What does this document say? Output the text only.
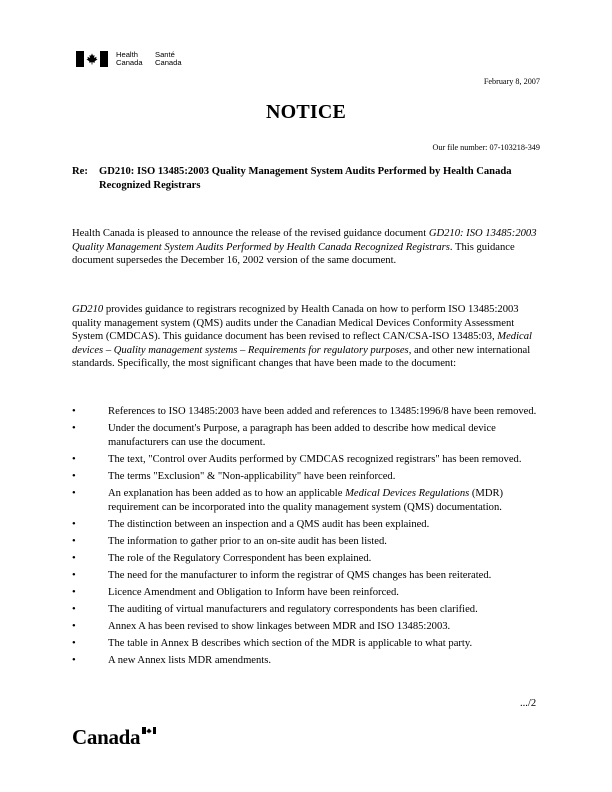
Health
Canada
Santé
Canada
February 8, 2007
NOTICE
Our file number: 07-103218-349
Re:	GD210: ISO 13485:2003 Quality Management System Audits Performed by Health Canada Recognized Registrars

Health Canada is pleased to announce the release of the revised guidance document GD210: ISO 13485:2003 Quality Management System Audits Performed by Health Canada Recognized Registrars. This guidance document supersedes the December 16, 2002 version of the same document.

GD210 provides guidance to registrars recognized by Health Canada on how to perform ISO 13485:2003 quality management system (QMS) audits under the Canadian Medical Devices Conformity Assessment System (CMDCAS). This guidance document has been revised to reflect CAN/CSA-ISO 13485:03, Medical devices – Quality management systems – Requirements for regulatory purposes, and other new international standards. Specifically, the most significant changes that have been made to the document:

• References to ISO 13485:2003 have been added and references to 13485:1996/8 have been removed.
• Under the document's Purpose, a paragraph has been added to describe how medical device manufacturers can use the document.
• The text, "Control over Audits performed by CMDCAS recognized registrars" has been removed.
• The terms "Exclusion" & "Non-applicability" have been reinforced.
• An explanation has been added as to how an applicable Medical Devices Regulations (MDR) requirement can be incorporated into the quality management system (QMS) documentation.
• The distinction between an inspection and a QMS audit has been explained.
• The information to gather prior to an on-site audit has been listed.
• The role of the Regulatory Correspondent has been explained.
• The need for the manufacturer to inform the registrar of QMS changes has been reiterated.
• Licence Amendment and Obligation to Inform have been reinforced.
• The auditing of virtual manufacturers and regulatory correspondents has been clarified.
• Annex A has been revised to show linkages between MDR and ISO 13485:2003.
• The table in Annex B describes which section of the MDR is applicable to what party.
• A new Annex lists MDR amendments.
.../2
Canada
